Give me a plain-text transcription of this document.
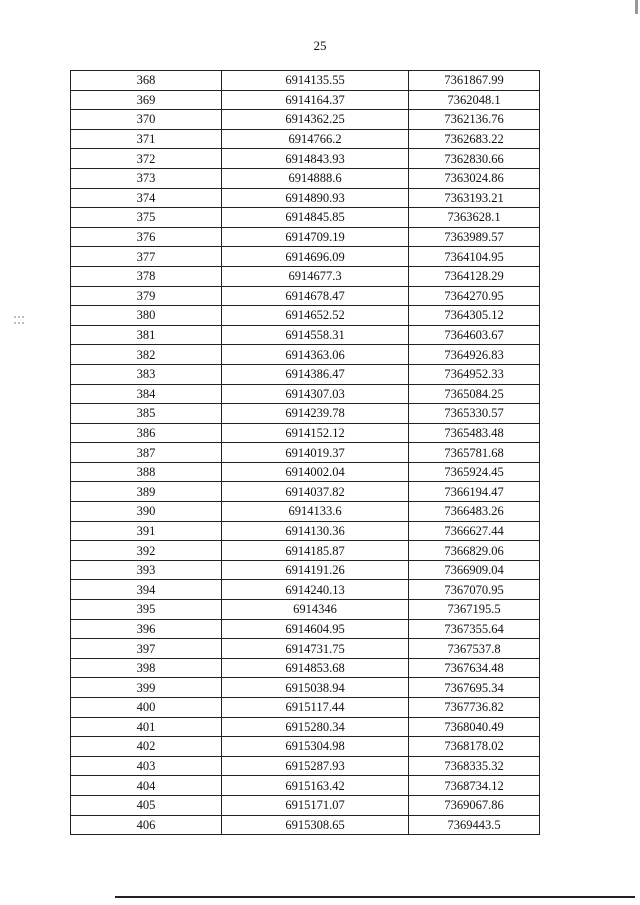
25
368	6914135.55	7361867.99
369	6914164.37	7362048.1
370	6914362.25	7362136.76
371	6914766.2	7362683.22
372	6914843.93	7362830.66
373	6914888.6	7363024.86
374	6914890.93	7363193.21
375	6914845.85	7363628.1
376	6914709.19	7363989.57
377	6914696.09	7364104.95
378	6914677.3	7364128.29
379	6914678.47	7364270.95
380	6914652.52	7364305.12
381	6914558.31	7364603.67
382	6914363.06	7364926.83
383	6914386.47	7364952.33
384	6914307.03	7365084.25
385	6914239.78	7365330.57
386	6914152.12	7365483.48
387	6914019.37	7365781.68
388	6914002.04	7365924.45
389	6914037.82	7366194.47
390	6914133.6	7366483.26
391	6914130.36	7366627.44
392	6914185.87	7366829.06
393	6914191.26	7366909.04
394	6914240.13	7367070.95
395	6914346	7367195.5
396	6914604.95	7367355.64
397	6914731.75	7367537.8
398	6914853.68	7367634.48
399	6915038.94	7367695.34
400	6915117.44	7367736.82
401	6915280.34	7368040.49
402	6915304.98	7368178.02
403	6915287.93	7368335.32
404	6915163.42	7368734.12
405	6915171.07	7369067.86
406	6915308.65	7369443.5
